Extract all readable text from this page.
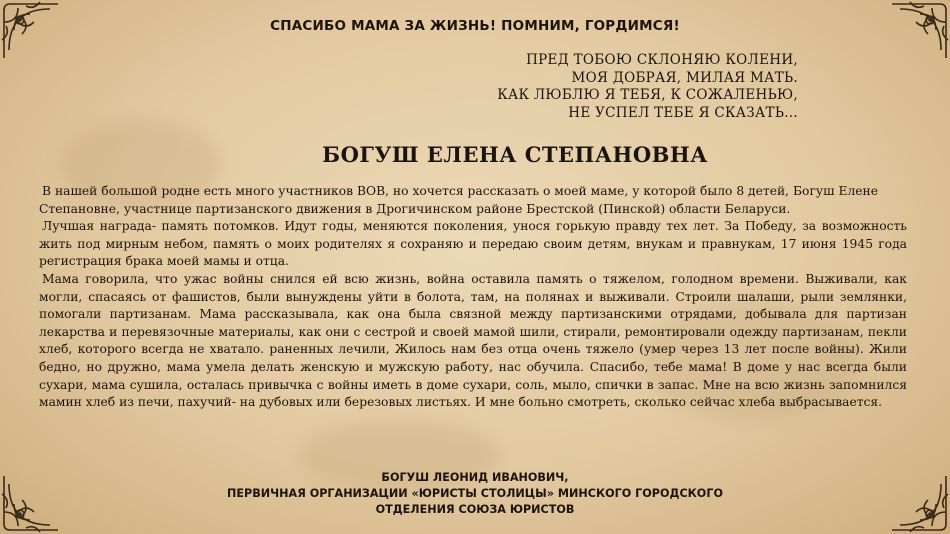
СПАСИБО МАМА ЗА ЖИЗНЬ! ПОМНИМ, ГОРДИМСЯ!
ПРЕД ТОБОЮ СКЛОНЯЮ КОЛЕНИ,
МОЯ ДОБРАЯ, МИЛАЯ МАТЬ.
КАК ЛЮБЛЮ Я ТЕБЯ, К СОЖАЛЕНЬЮ,
НЕ УСПЕЛ ТЕБЕ Я СКАЗАТЬ...
БОГУШ ЕЛЕНА СТЕПАНОВНА

В нашей большой родне есть много участников ВОВ, но хочется рассказать о моей маме, у которой было 8 детей, Богуш Елене Степановне, участнице партизанского движения в Дрогичинском районе Брестской (Пинской) области Беларуси.

Лучшая награда- память потомков. Идут годы, меняются поколения, унося горькую правду тех лет. За Победу, за возможность жить под мирным небом, память о моих родителях я сохраняю и передаю своим детям, внукам и правнукам, 17 июня 1945 года регистрация брака моей мамы и отца.

Мама говорила, что ужас войны снился ей всю жизнь, война оставила память о тяжелом, голодном времени. Выживали, как могли, спасаясь от фашистов, были вынуждены уйти в болота, там, на полянах и выживали. Строили шалаши, рыли землянки, помогали партизанам. Мама рассказывала, как она была связной между партизанскими отрядами, добывала для партизан лекарства и перевязочные материалы, как они с сестрой и своей мамой шили, стирали, ремонтировали одежду партизанам, пекли хлеб, которого всегда не хватало. раненных лечили, Жилось нам без отца очень тяжело (умер через 13 лет после войны). Жили бедно, но дружно, мама умела делать женскую и мужскую работу, нас обучила. Спасибо, тебе мама! В доме у нас всегда были сухари, мама сушила, осталась привычка с войны иметь в доме сухари, соль, мыло, спички в запас. Мне на всю жизнь запомнился мамин хлеб из печи, пахучий- на дубовых или березовых листьях. И мне больно смотреть, сколько сейчас хлеба выбрасывается.

БОГУШ ЛЕОНИД ИВАНОВИЧ,
ПЕРВИЧНАЯ ОРГАНИЗАЦИИ «ЮРИСТЫ СТОЛИЦЫ» МИНСКОГО ГОРОДСКОГО
ОТДЕЛЕНИЯ СОЮЗА ЮРИСТОВ
